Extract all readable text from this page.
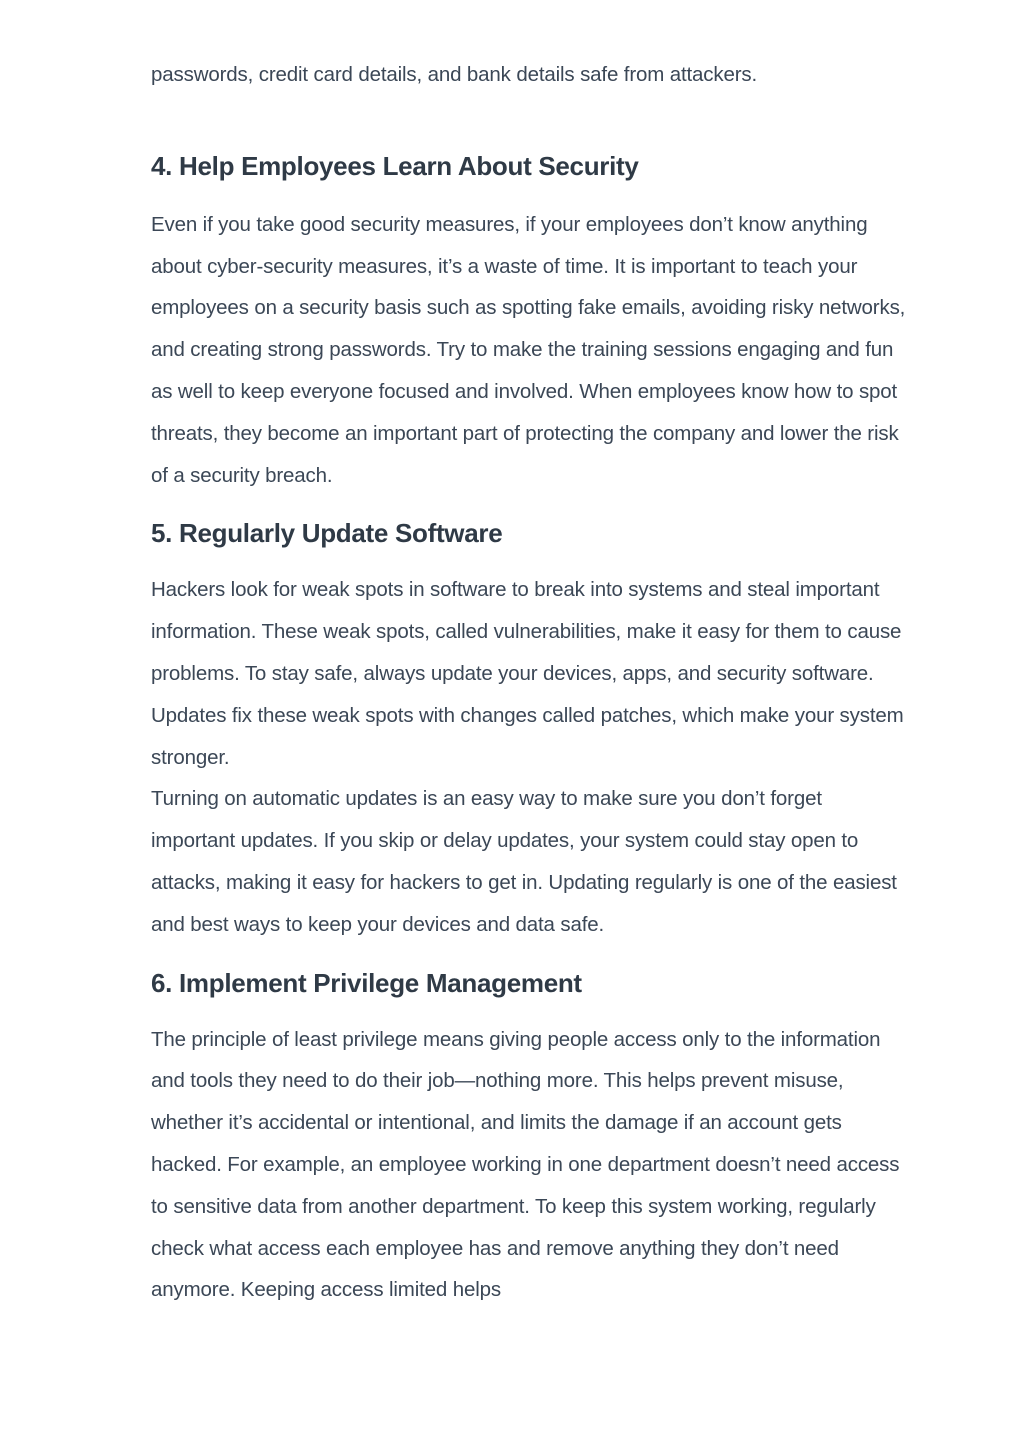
passwords, credit card details, and bank details safe from attackers.

4. Help Employees Learn About Security

Even if you take good security measures, if your employees don’t know anything about cyber-security measures, it’s a waste of time. It is important to teach your employees on a security basis such as spotting fake emails, avoiding risky networks, and creating strong passwords. Try to make the training sessions engaging and fun as well to keep everyone focused and involved. When employees know how to spot threats, they become an important part of protecting the company and lower the risk of a security breach.

5. Regularly Update Software

Hackers look for weak spots in software to break into systems and steal important information. These weak spots, called vulnerabilities, make it easy for them to cause problems. To stay safe, always update your devices, apps, and security software. Updates fix these weak spots with changes called patches, which make your system stronger.

Turning on automatic updates is an easy way to make sure you don’t forget important updates. If you skip or delay updates, your system could stay open to attacks, making it easy for hackers to get in. Updating regularly is one of the easiest and best ways to keep your devices and data safe.

6. Implement Privilege Management

The principle of least privilege means giving people access only to the information and tools they need to do their job—nothing more. This helps prevent misuse, whether it’s accidental or intentional, and limits the damage if an account gets hacked. For example, an employee working in one department doesn’t need access to sensitive data from another department. To keep this system working, regularly check what access each employee has and remove anything they don’t need anymore. Keeping access limited helps
